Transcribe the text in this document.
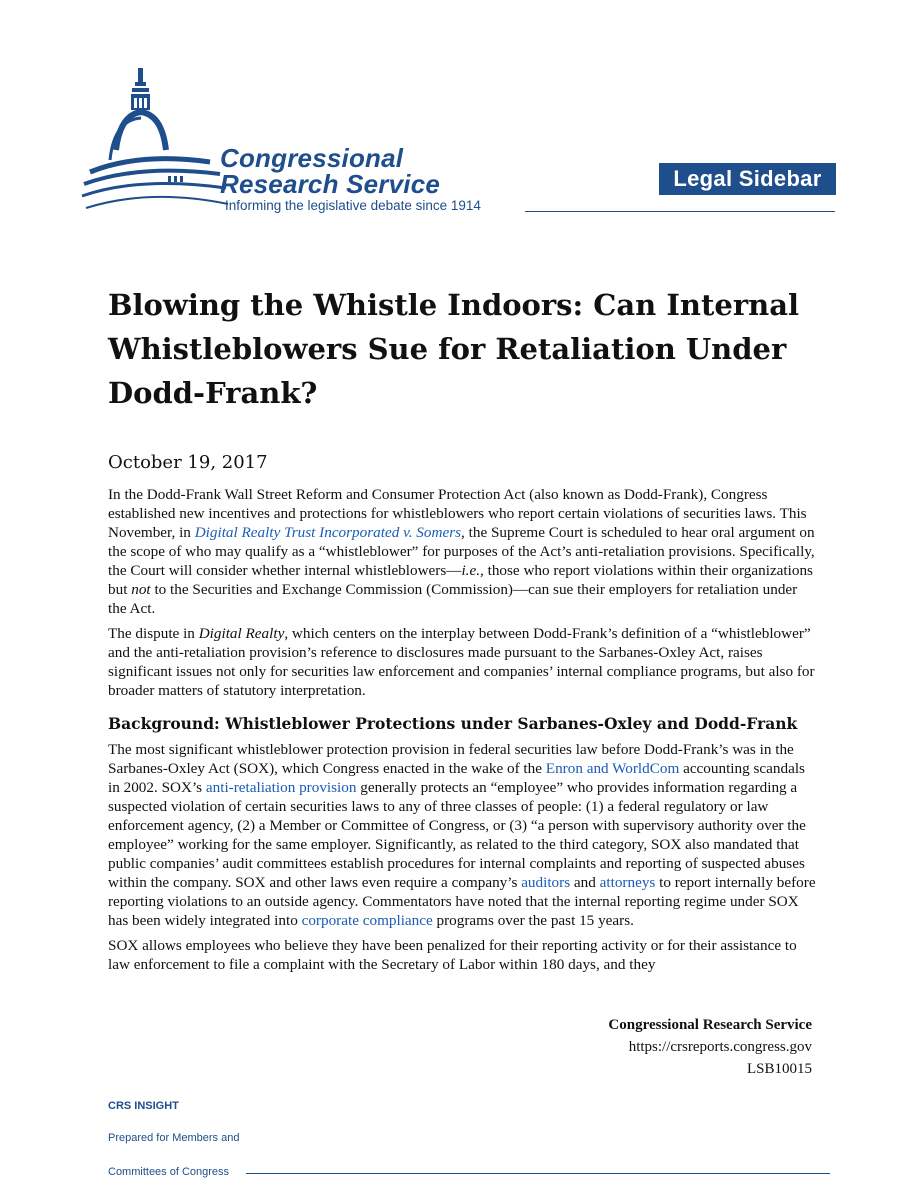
Congressional
Research Service
Informing the legislative debate since 1914
Legal Sidebar
Blowing the Whistle Indoors: Can Internal Whistleblowers Sue for Retaliation Under Dodd-Frank?
October 19, 2017

In the Dodd-Frank Wall Street Reform and Consumer Protection Act (also known as Dodd-Frank), Congress established new incentives and protections for whistleblowers who report certain violations of securities laws. This November, in Digital Realty Trust Incorporated v. Somers, the Supreme Court is scheduled to hear oral argument on the scope of who may qualify as a “whistleblower” for purposes of the Act’s anti-retaliation provisions. Specifically, the Court will consider whether internal whistleblowers—i.e., those who report violations within their organizations but not to the Securities and Exchange Commission (Commission)—can sue their employers for retaliation under the Act.

The dispute in Digital Realty, which centers on the interplay between Dodd-Frank’s definition of a “whistleblower” and the anti-retaliation provision’s reference to disclosures made pursuant to the Sarbanes-Oxley Act, raises significant issues not only for securities law enforcement and companies’ internal compliance programs, but also for broader matters of statutory interpretation.

Background: Whistleblower Protections under Sarbanes-Oxley and Dodd-Frank

The most significant whistleblower protection provision in federal securities law before Dodd-Frank’s was in the Sarbanes-Oxley Act (SOX), which Congress enacted in the wake of the Enron and WorldCom accounting scandals in 2002. SOX’s anti-retaliation provision generally protects an “employee” who provides information regarding a suspected violation of certain securities laws to any of three classes of people: (1) a federal regulatory or law enforcement agency, (2) a Member or Committee of Congress, or (3) “a person with supervisory authority over the employee” working for the same employer. Significantly, as related to the third category, SOX also mandated that public companies’ audit committees establish procedures for internal complaints and reporting of suspected abuses within the company. SOX and other laws even require a company’s auditors and attorneys to report internally before reporting violations to an outside agency. Commentators have noted that the internal reporting regime under SOX has been widely integrated into corporate compliance programs over the past 15 years.

SOX allows employees who believe they have been penalized for their reporting activity or for their assistance to law enforcement to file a complaint with the Secretary of Labor within 180 days, and they

Congressional Research Service
https://crsreports.congress.gov
LSB10015
CRS INSIGHT
Prepared for Members and
Committees of Congress
